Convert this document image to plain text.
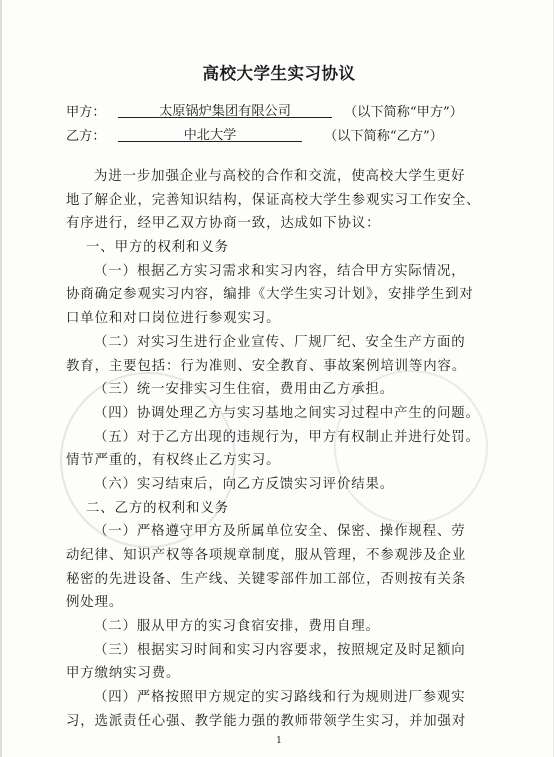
高校大学生实习协议
甲方：	太原锅炉集团有限公司	（以下简称“甲方”）
乙方：	中北大学	（以下简称“乙方”）
为进一步加强企业与高校的合作和交流，使高校大学生更好
地了解企业，完善知识结构，保证高校大学生参观实习工作安全、
有序进行，经甲乙双方协商一致，达成如下协议：
一、甲方的权利和义务
（一）根据乙方实习需求和实习内容，结合甲方实际情况，
协商确定参观实习内容，编排《大学生实习计划》，安排学生到对
口单位和对口岗位进行参观实习。
（二）对实习生进行企业宣传、厂规厂纪、安全生产方面的
教育，主要包括：行为准则、安全教育、事故案例培训等内容。
（三）统一安排实习生住宿，费用由乙方承担。
（四）协调处理乙方与实习基地之间实习过程中产生的问题。
（五）对于乙方出现的违规行为，甲方有权制止并进行处罚。
情节严重的，有权终止乙方实习。
（六）实习结束后，向乙方反馈实习评价结果。
二、乙方的权利和义务
（一）严格遵守甲方及所属单位安全、保密、操作规程、劳
动纪律、知识产权等各项规章制度，服从管理，不参观涉及企业
秘密的先进设备、生产线、关键零部件加工部位，否则按有关条
例处理。
（二）服从甲方的实习食宿安排，费用自理。
（三）根据实习时间和实习内容要求，按照规定及时足额向
甲方缴纳实习费。
（四）严格按照甲方规定的实习路线和行为规则进厂参观实
习，选派责任心强、教学能力强的教师带领学生实习，并加强对
1
